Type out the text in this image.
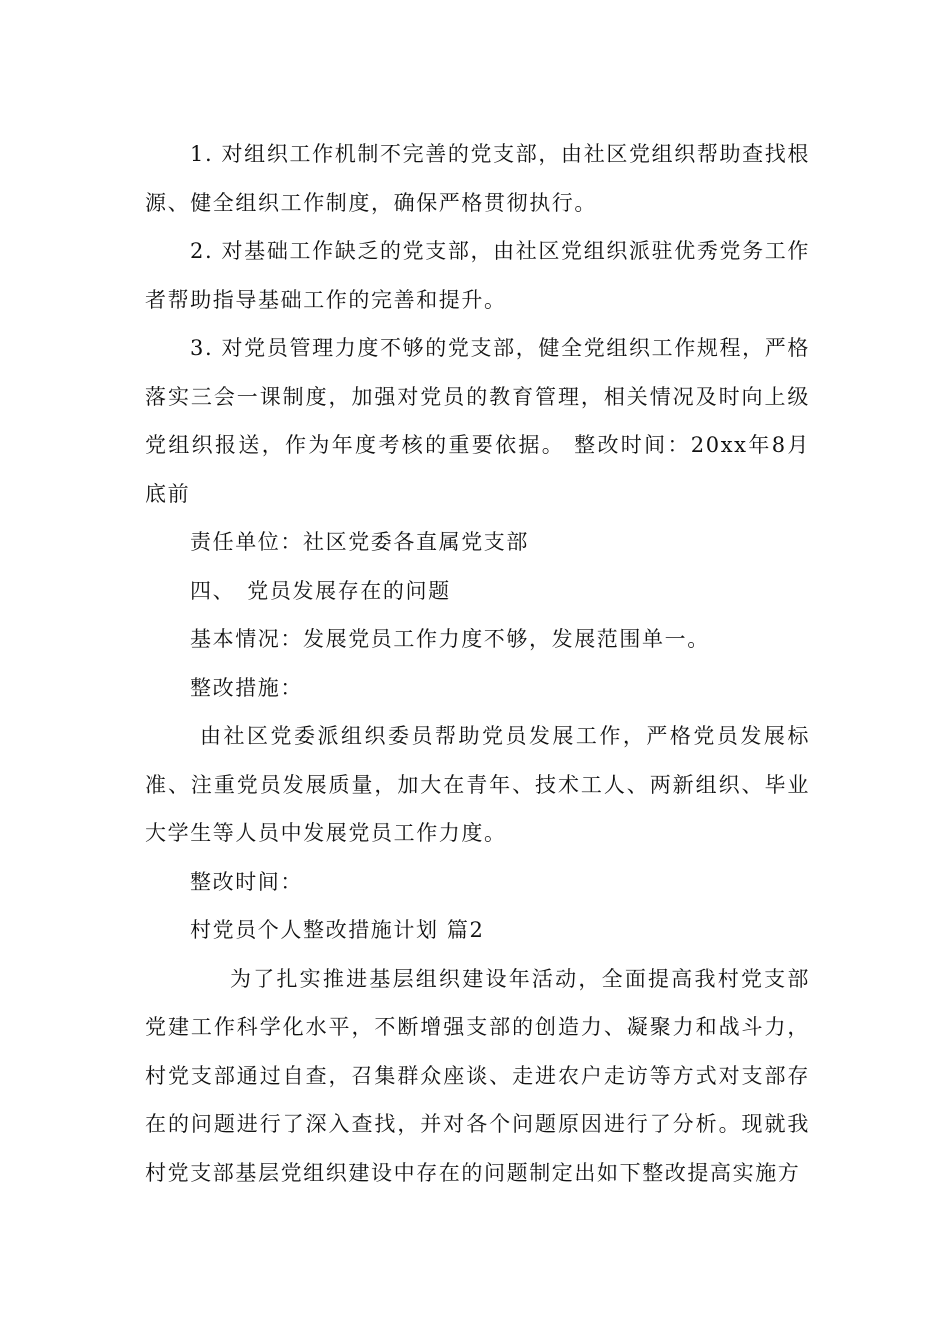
1. 对组织工作机制不完善的党支部，由社区党组织帮助查找根源、健全组织工作制度，确保严格贯彻执行。

2. 对基础工作缺乏的党支部，由社区党组织派驻优秀党务工作者帮助指导基础工作的完善和提升。

3. 对党员管理力度不够的党支部，健全党组织工作规程，严格落实三会一课制度，加强对党员的教育管理，相关情况及时向上级党组织报送，作为年度考核的重要依据。 整改时间：20xx年8月底前

责任单位：社区党委各直属党支部

四、　党员发展存在的问题

基本情况：发展党员工作力度不够，发展范围单一。

整改措施：

由社区党委派组织委员帮助党员发展工作，严格党员发展标准、注重党员发展质量，加大在青年、技术工人、两新组织、毕业大学生等人员中发展党员工作力度。

整改时间：

村党员个人整改措施计划 篇2

为了扎实推进基层组织建设年活动，全面提高我村党支部党建工作科学化水平，不断增强支部的创造力、凝聚力和战斗力，村党支部通过自查，召集群众座谈、走进农户走访等方式对支部存在的问题进行了深入查找，并对各个问题原因进行了分析。现就我村党支部基层党组织建设中存在的问题制定出如下整改提高实施方
